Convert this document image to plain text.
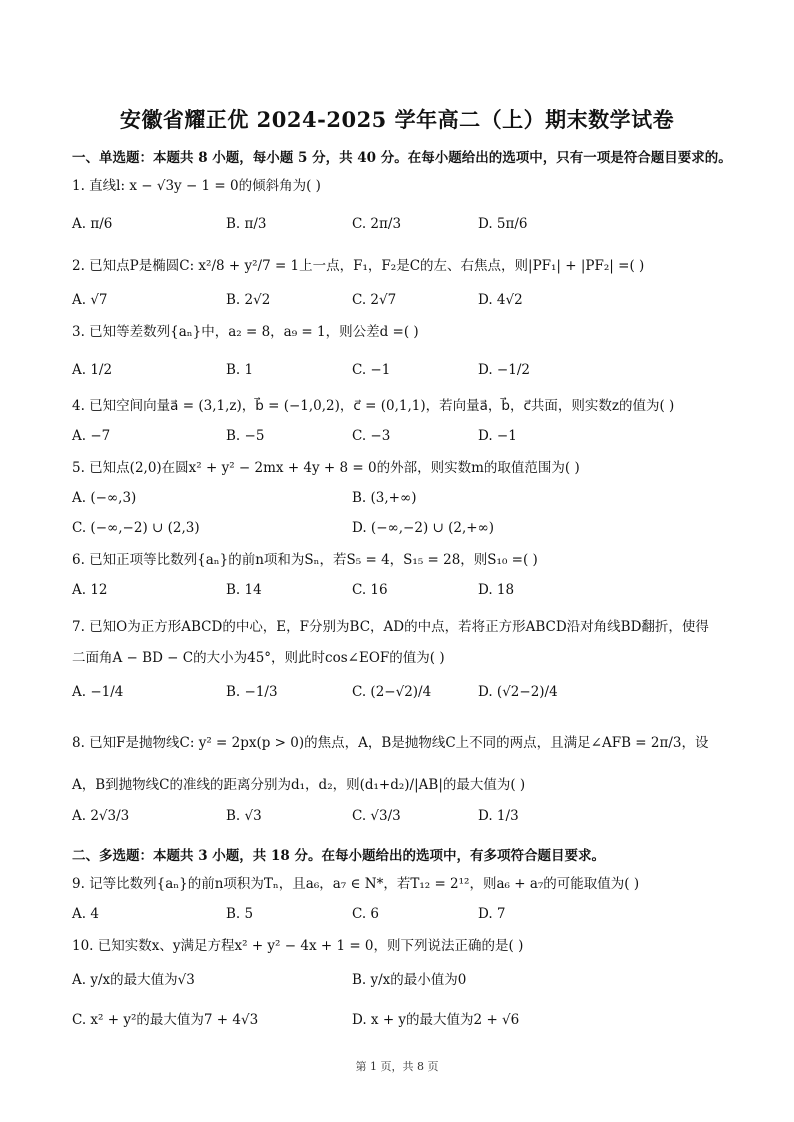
安徽省耀正优 2024-2025 学年高二（上）期末数学试卷
一、单选题：本题共 8 小题，每小题 5 分，共 40 分。在每小题给出的选项中，只有一项是符合题目要求的。
1. 直线l: x − √3y − 1 = 0的倾斜角为( )
A. π/6	B. π/3	C. 2π/3	D. 5π/6
2. 已知点P是椭圆C: x²/8 + y²/7 = 1上一点，F₁，F₂是C的左、右焦点，则|PF₁| + |PF₂| =( )
A. √7	B. 2√2	C. 2√7	D. 4√2
3. 已知等差数列{aₙ}中，a₂ = 8，a₉ = 1，则公差d =( )
A. 1/2	B. 1	C. −1	D. −1/2
4. 已知空间向量a⃗ = (3,1,z)，b⃗ = (−1,0,2)，c⃗ = (0,1,1)，若向量a⃗，b⃗，c⃗共面，则实数z的值为( )
A. −7	B. −5	C. −3	D. −1
5. 已知点(2,0)在圆x² + y² − 2mx + 4y + 8 = 0的外部，则实数m的取值范围为( )
A. (−∞,3)	B. (3,+∞)
C. (−∞,−2) ∪ (2,3)	D. (−∞,−2) ∪ (2,+∞)
6. 已知正项等比数列{aₙ}的前n项和为Sₙ，若S₅ = 4，S₁₅ = 28，则S₁₀ =( )
A. 12	B. 14	C. 16	D. 18
7. 已知O为正方形ABCD的中心，E，F分别为BC，AD的中点，若将正方形ABCD沿对角线BD翻折，使得二面角A − BD − C的大小为45°，则此时cos∠EOF的值为( )
A. −1/4	B. −1/3	C. (2−√2)/4	D. (√2−2)/4
8. 已知F是抛物线C: y² = 2px(p > 0)的焦点，A，B是抛物线C上不同的两点，且满足∠AFB = 2π/3，设A，B到抛物线C的准线的距离分别为d₁，d₂，则(d₁+d₂)/|AB|的最大值为( )
A. 2√3/3	B. √3	C. √3/3	D. 1/3
二、多选题：本题共 3 小题，共 18 分。在每小题给出的选项中，有多项符合题目要求。
9. 记等比数列{aₙ}的前n项积为Tₙ，且a₆，a₇ ∈ N*，若T₁₂ = 2¹²，则a₆ + a₇的可能取值为( )
A. 4	B. 5	C. 6	D. 7
10. 已知实数x、y满足方程x² + y² − 4x + 1 = 0，则下列说法正确的是( )
A. y/x的最大值为√3	B. y/x的最小值为0
C. x² + y²的最大值为7 + 4√3	D. x + y的最大值为2 + √6
第 1 页，共 8 页
